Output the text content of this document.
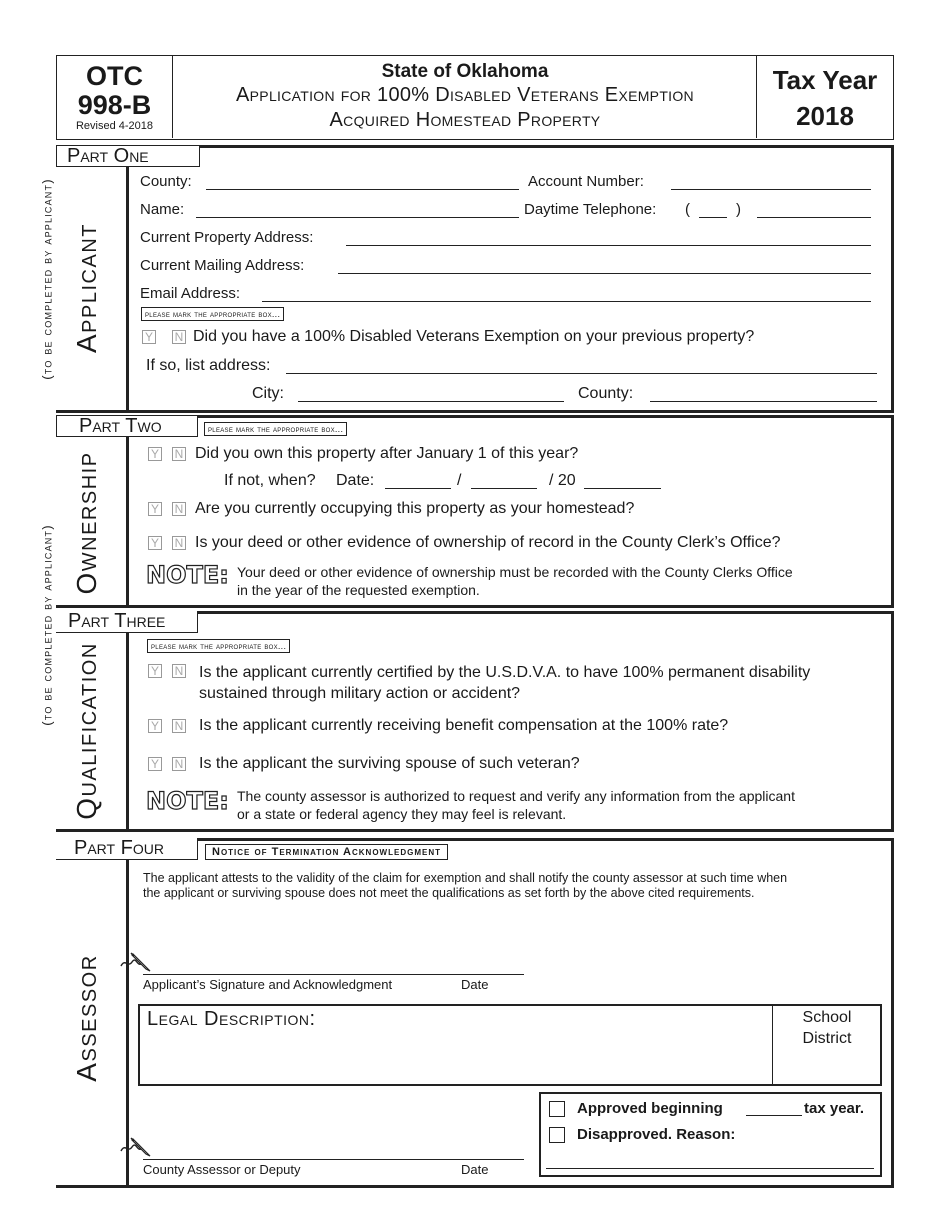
OTC
998-B
Revised 4-2018
State of Oklahoma
Application for 100% Disabled Veterans Exemption
Acquired Homestead Property
Tax Year
2018
(to be completed by applicant)
(to be completed by applicant)
Applicant
Ownership
Qualification
Assessor
Part One
County:	Account Number:
Name:	Daytime Telephone: (	)
Current Property Address:
Current Mailing Address:
Email Address:
please mark the appropriate box...
Y N Did you have a 100% Disabled Veterans Exemption on your previous property?
If so, list address:
City:	County:
Part Two	please mark the appropriate box...
Y N Did you own this property after January 1 of this year?
If not, when? Date:	/	/ 20
Y N Are you currently occupying this property as your homestead?
Y N Is your deed or other evidence of ownership of record in the County Clerk’s Office?
NOTE: Your deed or other evidence of ownership must be recorded with the County Clerks Office
in the year of the requested exemption.
Part Three
please mark the appropriate box...
Y N Is the applicant currently certified by the U.S.D.V.A. to have 100% permanent disability
sustained through military action or accident?
Y N Is the applicant currently receiving benefit compensation at the 100% rate?
Y N Is the applicant the surviving spouse of such veteran?
NOTE: The county assessor is authorized to request and verify any information from the applicant
or a state or federal agency they may feel is relevant.
Part Four	Notice of Termination Acknowledgment
The applicant attests to the validity of the claim for exemption and shall notify the county assessor at such time when
the applicant or surviving spouse does not meet the qualifications as set forth by the above cited requirements.
Applicant’s Signature and Acknowledgment	Date
Legal Description:	School
District
Approved beginning	tax year.
Disapproved. Reason:
County Assessor or Deputy	Date
